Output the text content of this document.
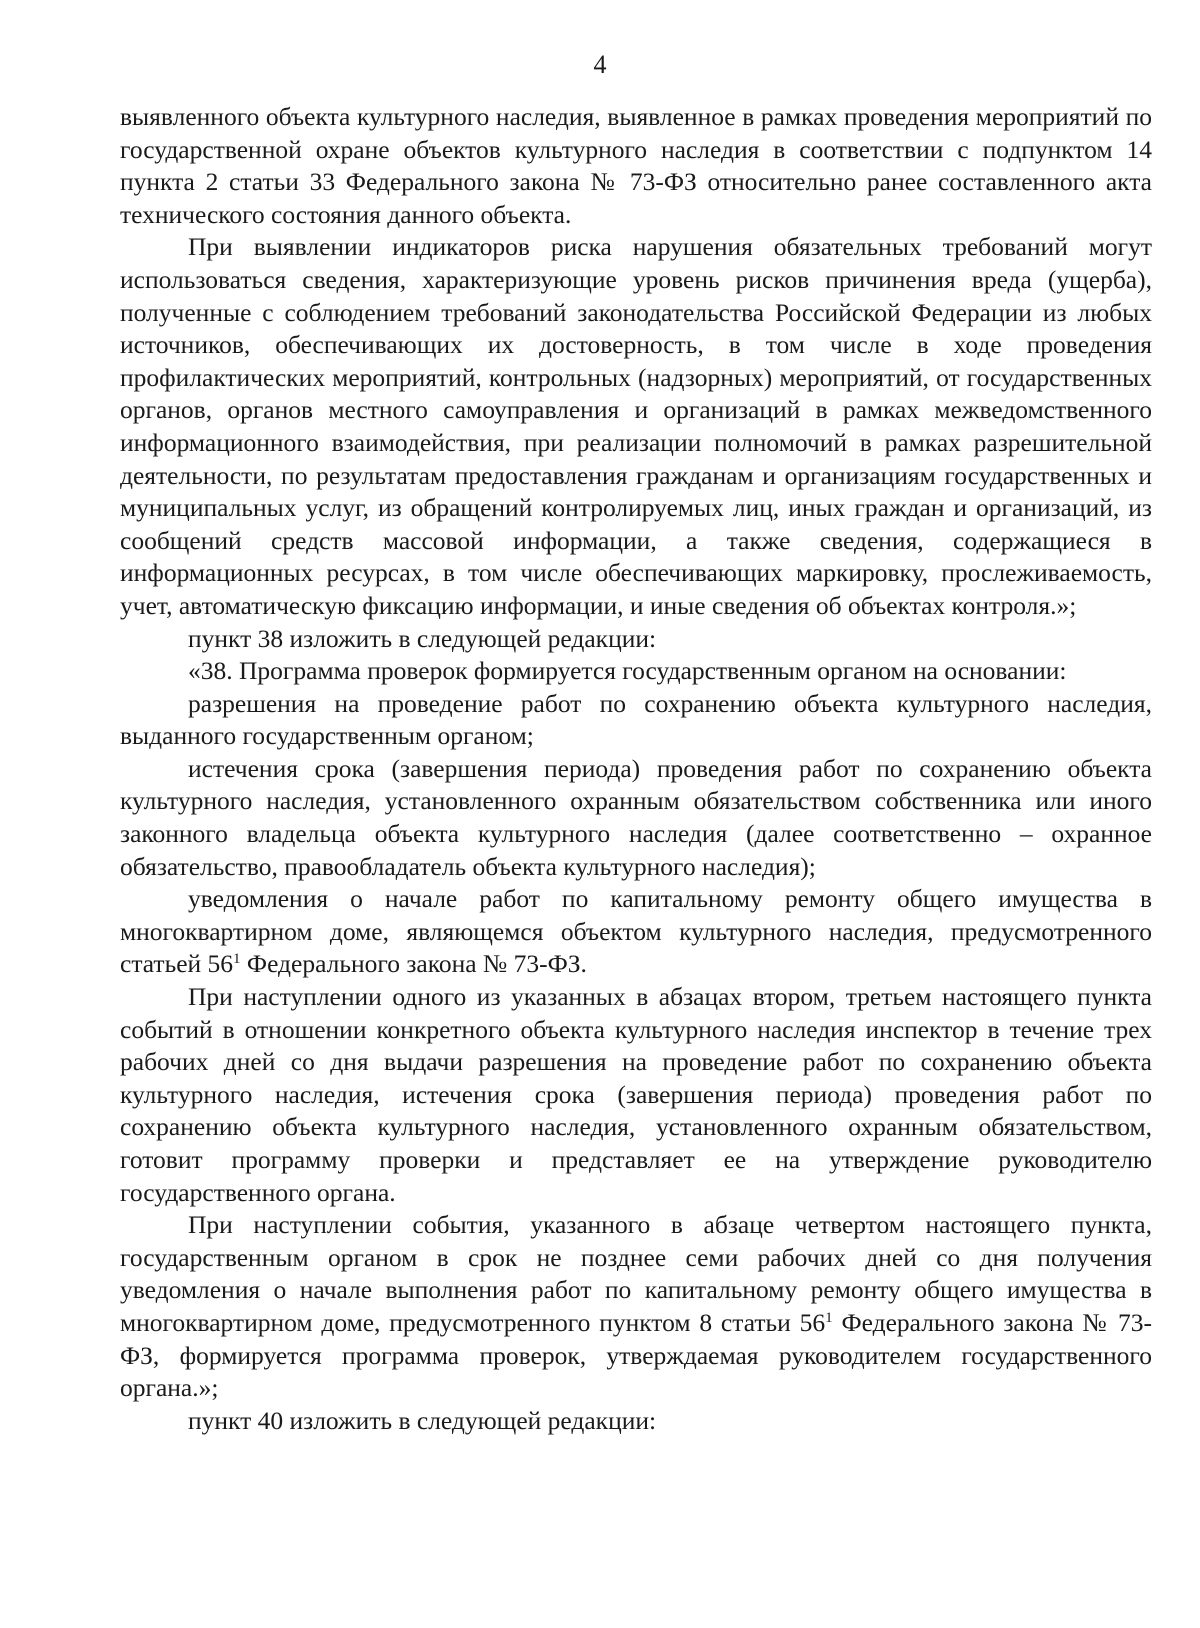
4

выявленного объекта культурного наследия, выявленное в рамках проведения мероприятий по государственной охране объектов культурного наследия в соответствии с подпунктом 14 пункта 2 статьи 33 Федерального закона № 73-ФЗ относительно ранее составленного акта технического состояния данного объекта.

При выявлении индикаторов риска нарушения обязательных требований могут использоваться сведения, характеризующие уровень рисков причинения вреда (ущерба), полученные с соблюдением требований законодательства Российской Федерации из любых источников, обеспечивающих их достоверность, в том числе в ходе проведения профилактических мероприятий, контрольных (надзорных) мероприятий, от государственных органов, органов местного самоуправления и организаций в рамках межведомственного информационного взаимодействия, при реализации полномочий в рамках разрешительной деятельности, по результатам предоставления гражданам и организациям государственных и муниципальных услуг, из обращений контролируемых лиц, иных граждан и организаций, из сообщений средств массовой информации, а также сведения, содержащиеся в информационных ресурсах, в том числе обеспечивающих маркировку, прослеживаемость, учет, автоматическую фиксацию информации, и иные сведения об объектах контроля.»;

пункт 38 изложить в следующей редакции:

«38. Программа проверок формируется государственным органом на основании:

разрешения на проведение работ по сохранению объекта культурного наследия, выданного государственным органом;

истечения срока (завершения периода) проведения работ по сохранению объекта культурного наследия, установленного охранным обязательством собственника или иного законного владельца объекта культурного наследия (далее соответственно – охранное обязательство, правообладатель объекта культурного наследия);

уведомления о начале работ по капитальному ремонту общего имущества в многоквартирном доме, являющемся объектом культурного наследия, предусмотренного статьей $56^1$ Федерального закона № 73-ФЗ.

При наступлении одного из указанных в абзацах втором, третьем настоящего пункта событий в отношении конкретного объекта культурного наследия инспектор в течение трех рабочих дней со дня выдачи разрешения на проведение работ по сохранению объекта культурного наследия, истечения срока (завершения периода) проведения работ по сохранению объекта культурного наследия, установленного охранным обязательством, готовит программу проверки и представляет ее на утверждение руководителю государственного органа.

При наступлении события, указанного в абзаце четвертом настоящего пункта, государственным органом в срок не позднее семи рабочих дней со дня получения уведомления о начале выполнения работ по капитальному ремонту общего имущества в многоквартирном доме, предусмотренного пунктом 8 статьи $56^1$ Федерального закона № 73-ФЗ, формируется программа проверок, утверждаемая руководителем государственного органа.»;

пункт 40 изложить в следующей редакции:
